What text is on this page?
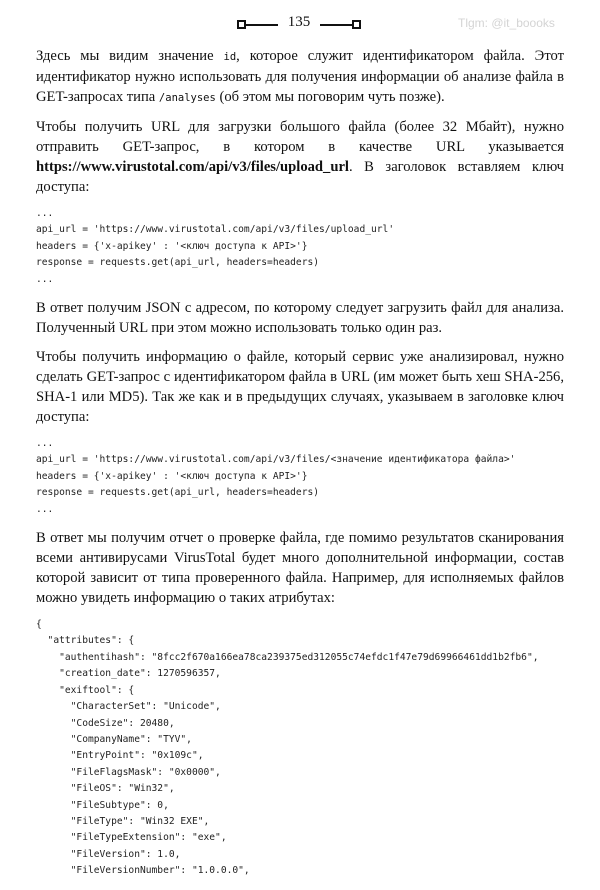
135	Tlgm: @it_boooks

Здесь мы видим значение id, которое служит идентификатором файла. Этот идентификатор нужно использовать для получения информации об анализе файла в GET-запросах типа /analyses (об этом мы поговорим чуть позже).

Чтобы получить URL для загрузки большого файла (более 32 Мбайт), нужно отправить GET-запрос, в котором в качестве URL указывается https://www.virustotal.com/api/v3/files/upload_url. В заголовок вставляем ключ доступа:

...
api_url = 'https://www.virustotal.com/api/v3/files/upload_url'
headers = {'x-apikey' : '<ключ доступа к API>'}
response = requests.get(api_url, headers=headers)
...

В ответ получим JSON с адресом, по которому следует загрузить файл для анализа. Полученный URL при этом можно использовать только один раз.

Чтобы получить информацию о файле, который сервис уже анализировал, нужно сделать GET-запрос с идентификатором файла в URL (им может быть хеш SHA-256, SHA-1 или MD5). Так же как и в предыдущих случаях, указываем в заголовке ключ доступа:

...
api_url = 'https://www.virustotal.com/api/v3/files/<значение идентификатора файла>'
headers = {'x-apikey' : '<ключ доступа к API>'}
response = requests.get(api_url, headers=headers)
...

В ответ мы получим отчет о проверке файла, где помимо результатов сканирования всеми антивирусами VirusTotal будет много дополнительной информации, состав которой зависит от типа проверенного файла. Например, для исполняемых файлов можно увидеть информацию о таких атрибутах:

{
"attributes": {
"authentihash": "8fcc2f670a166ea78ca239375ed312055c74efdc1f47e79d69966461dd1b2fb6",
"creation_date": 1270596357,
"exiftool": {
"CharacterSet": "Unicode",
"CodeSize": 20480,
"CompanyName": "TYV",
"EntryPoint": "0x109c",
"FileFlagsMask": "0x0000",
"FileOS": "Win32",
"FileSubtype": 0,
"FileType": "Win32 EXE",
"FileTypeExtension": "exe",
"FileVersion": 1.0,
"FileVersionNumber": "1.0.0.0",
